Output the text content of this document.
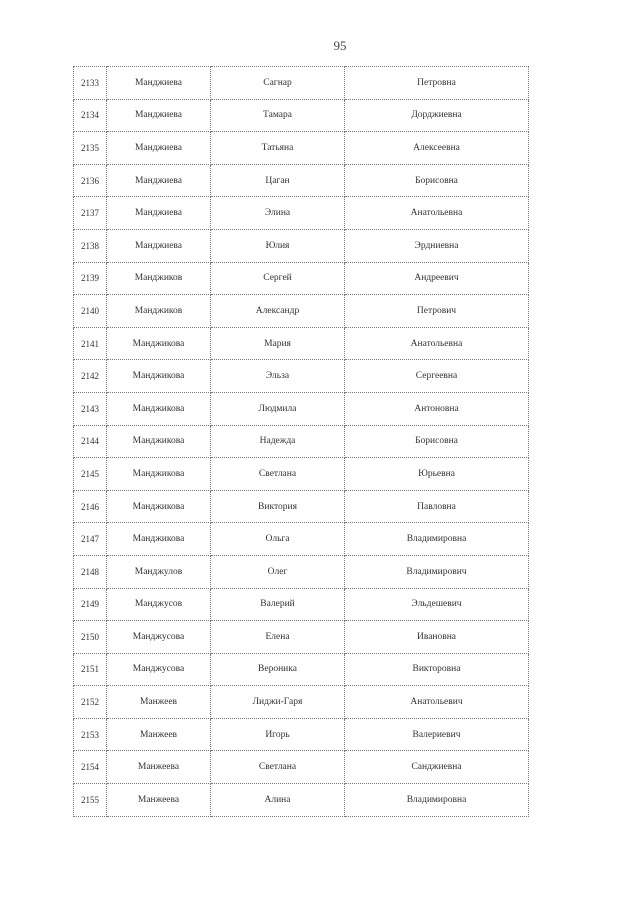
95
2133	Манджиева	Сагнар	Петровна
2134	Манджиева	Тамара	Дорджиевна
2135	Манджиева	Татьяна	Алексеевна
2136	Манджиева	Цаган	Борисовна
2137	Манджиева	Элина	Анатольевна
2138	Манджиева	Юлия	Эрдниевна
2139	Манджиков	Сергей	Андреевич
2140	Манджиков	Александр	Петрович
2141	Манджикова	Мария	Анатольевна
2142	Манджикова	Эльза	Сергеевна
2143	Манджикова	Людмила	Антоновна
2144	Манджикова	Надежда	Борисовна
2145	Манджикова	Светлана	Юрьевна
2146	Манджикова	Виктория	Павловна
2147	Манджикова	Ольга	Владимировна
2148	Манджулов	Олег	Владимирович
2149	Манджусов	Валерий	Эльдешевич
2150	Манджусова	Елена	Ивановна
2151	Манджусова	Вероника	Викторовна
2152	Манжеев	Лиджи-Гаря	Анатольевич
2153	Манжеев	Игорь	Валериевич
2154	Манжеева	Светлана	Санджиевна
2155	Манжеева	Алина	Владимировна
